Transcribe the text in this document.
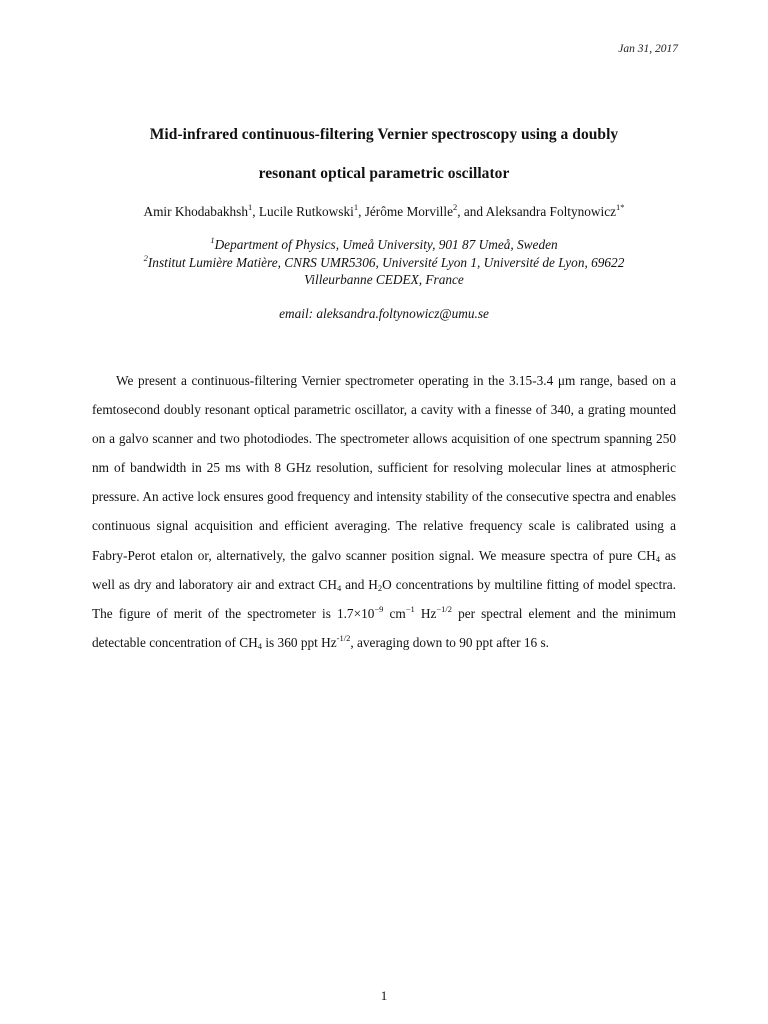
Jan 31, 2017
Mid-infrared continuous-filtering Vernier spectroscopy using a doubly
resonant optical parametric oscillator
Amir Khodabakhsh$^1$, Lucile Rutkowski$^1$, Jérôme Morville$^2$, and Aleksandra Foltynowicz$^{1*}$
$^1$Department of Physics, Umeå University, 901 87 Umeå, Sweden
$^2$Institut Lumière Matière, CNRS UMR5306, Université Lyon 1, Université de Lyon, 69622
Villeurbanne CEDEX, France
email: aleksandra.foltynowicz@umu.se
We present a continuous-filtering Vernier spectrometer operating in the 3.15-3.4 μm range, based on a femtosecond doubly resonant optical parametric oscillator, a cavity with a finesse of 340, a grating mounted on a galvo scanner and two photodiodes. The spectrometer allows acquisition of one spectrum spanning 250 nm of bandwidth in 25 ms with 8 GHz resolution, sufficient for resolving molecular lines at atmospheric pressure. An active lock ensures good frequency and intensity stability of the consecutive spectra and enables continuous signal acquisition and efficient averaging. The relative frequency scale is calibrated using a Fabry-Perot etalon or, alternatively, the galvo scanner position signal. We measure spectra of pure $CH_4$ as well as dry and laboratory air and extract $CH_4$ and $H_2O$ concentrations by multiline fitting of model spectra. The figure of merit of the spectrometer is $1.7\times 10^{-9}$ $cm^{-1}$ $Hz^{-1/2}$ per spectral element and the minimum detectable concentration of $CH_4$ is 360 ppt $Hz^{-1/2}$, averaging down to 90 ppt after 16 s.
1
